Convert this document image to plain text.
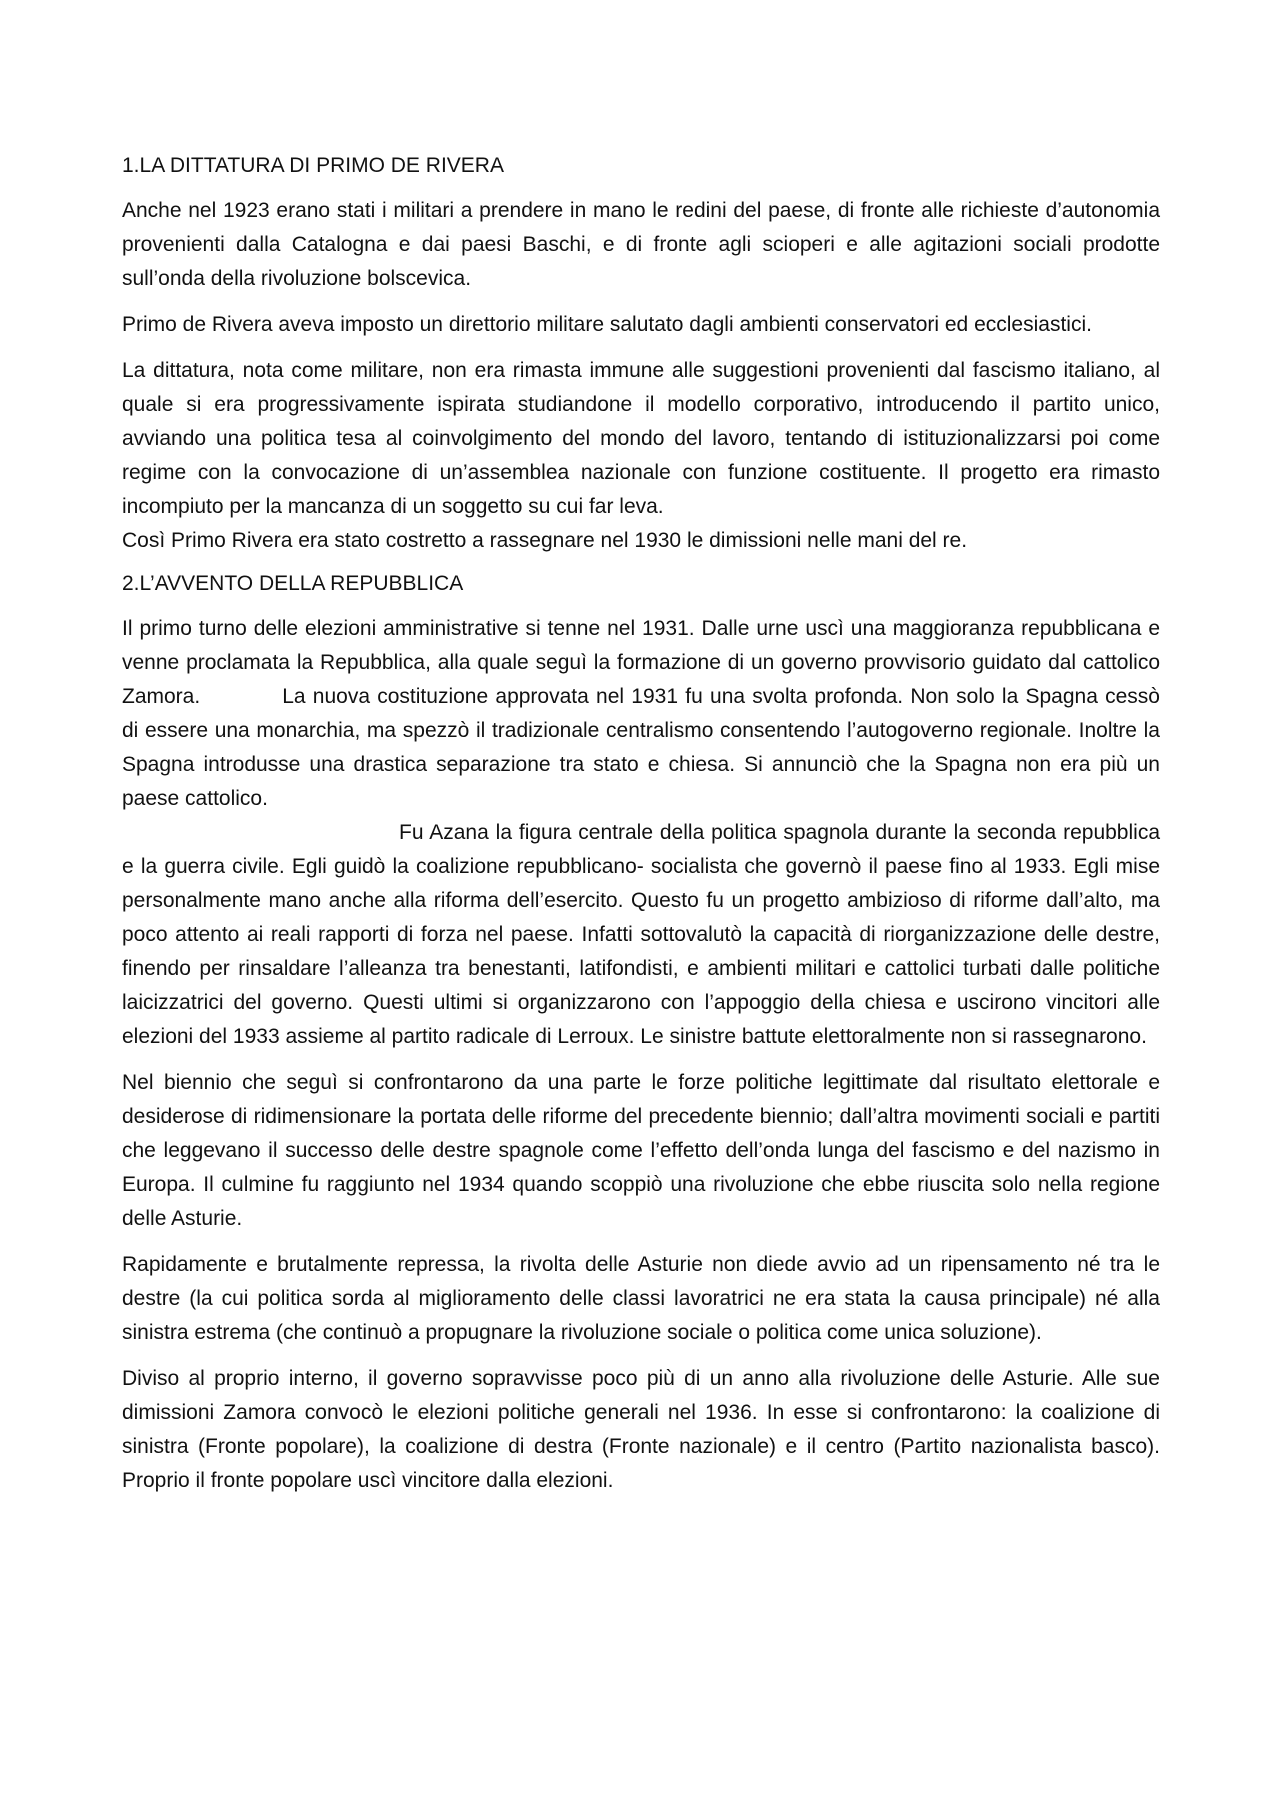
1.LA DITTATURA DI PRIMO DE RIVERA

Anche nel 1923 erano stati i militari a prendere in mano le redini del paese, di fronte alle richieste d’autonomia provenienti dalla Catalogna e dai paesi Baschi, e di fronte agli scioperi e alle agitazioni sociali prodotte sull’onda della rivoluzione bolscevica.

Primo de Rivera aveva imposto un direttorio militare salutato dagli ambienti conservatori ed ecclesiastici.

La dittatura, nota come militare, non era rimasta immune alle suggestioni provenienti dal fascismo italiano, al quale si era progressivamente ispirata studiandone il modello corporativo, introducendo il partito unico, avviando una politica tesa al coinvolgimento del mondo del lavoro, tentando di istituzionalizzarsi poi come regime con la convocazione di un’assemblea nazionale con funzione costituente. Il progetto era rimasto incompiuto per la mancanza di un soggetto su cui far leva.
Così Primo Rivera era stato costretto a rassegnare nel 1930 le dimissioni nelle mani del re.

2.L’AVVENTO DELLA REPUBBLICA

Il primo turno delle elezioni amministrative si tenne nel 1931. Dalle urne uscì una maggioranza repubblicana e venne proclamata la Repubblica, alla quale seguì la formazione di un governo provvisorio guidato dal cattolico Zamora.	La nuova costituzione approvata nel 1931 fu una svolta profonda. Non solo la Spagna cessò di essere una monarchia, ma spezzò il tradizionale centralismo consentendo l’autogoverno regionale. Inoltre la Spagna introdusse una drastica separazione tra stato e chiesa. Si annunciò che la Spagna non era più un paese cattolico.

Fu Azana la figura centrale della politica spagnola durante la seconda repubblica e la guerra civile. Egli guidò la coalizione repubblicano- socialista che governò il paese fino al 1933. Egli mise personalmente mano anche alla riforma dell’esercito. Questo fu un progetto ambizioso di riforme dall’alto, ma poco attento ai reali rapporti di forza nel paese. Infatti sottovalutò la capacità di riorganizzazione delle destre, finendo per rinsaldare l’alleanza tra benestanti, latifondisti, e ambienti militari e cattolici turbati dalle politiche laicizzatrici del governo. Questi ultimi si organizzarono con l’appoggio della chiesa e uscirono vincitori alle elezioni del 1933 assieme al partito radicale di Lerroux. Le sinistre battute elettoralmente non si rassegnarono.

Nel biennio che seguì si confrontarono da una parte le forze politiche legittimate dal risultato elettorale e desiderose di ridimensionare la portata delle riforme del precedente biennio; dall’altra movimenti sociali e partiti che leggevano il successo delle destre spagnole come l’effetto dell’onda lunga del fascismo e del nazismo in Europa. Il culmine fu raggiunto nel 1934 quando scoppiò una rivoluzione che ebbe riuscita solo nella regione delle Asturie.

Rapidamente e brutalmente repressa, la rivolta delle Asturie non diede avvio ad un ripensamento né tra le destre (la cui politica sorda al miglioramento delle classi lavoratrici ne era stata la causa principale) né alla sinistra estrema (che continuò a propugnare la rivoluzione sociale o politica come unica soluzione).

Diviso al proprio interno, il governo sopravvisse poco più di un anno alla rivoluzione delle Asturie. Alle sue dimissioni Zamora convocò le elezioni politiche generali nel 1936. In esse si confrontarono: la coalizione di sinistra (Fronte popolare), la coalizione di destra (Fronte nazionale) e il centro (Partito nazionalista basco). Proprio il fronte popolare uscì vincitore dalla elezioni.
